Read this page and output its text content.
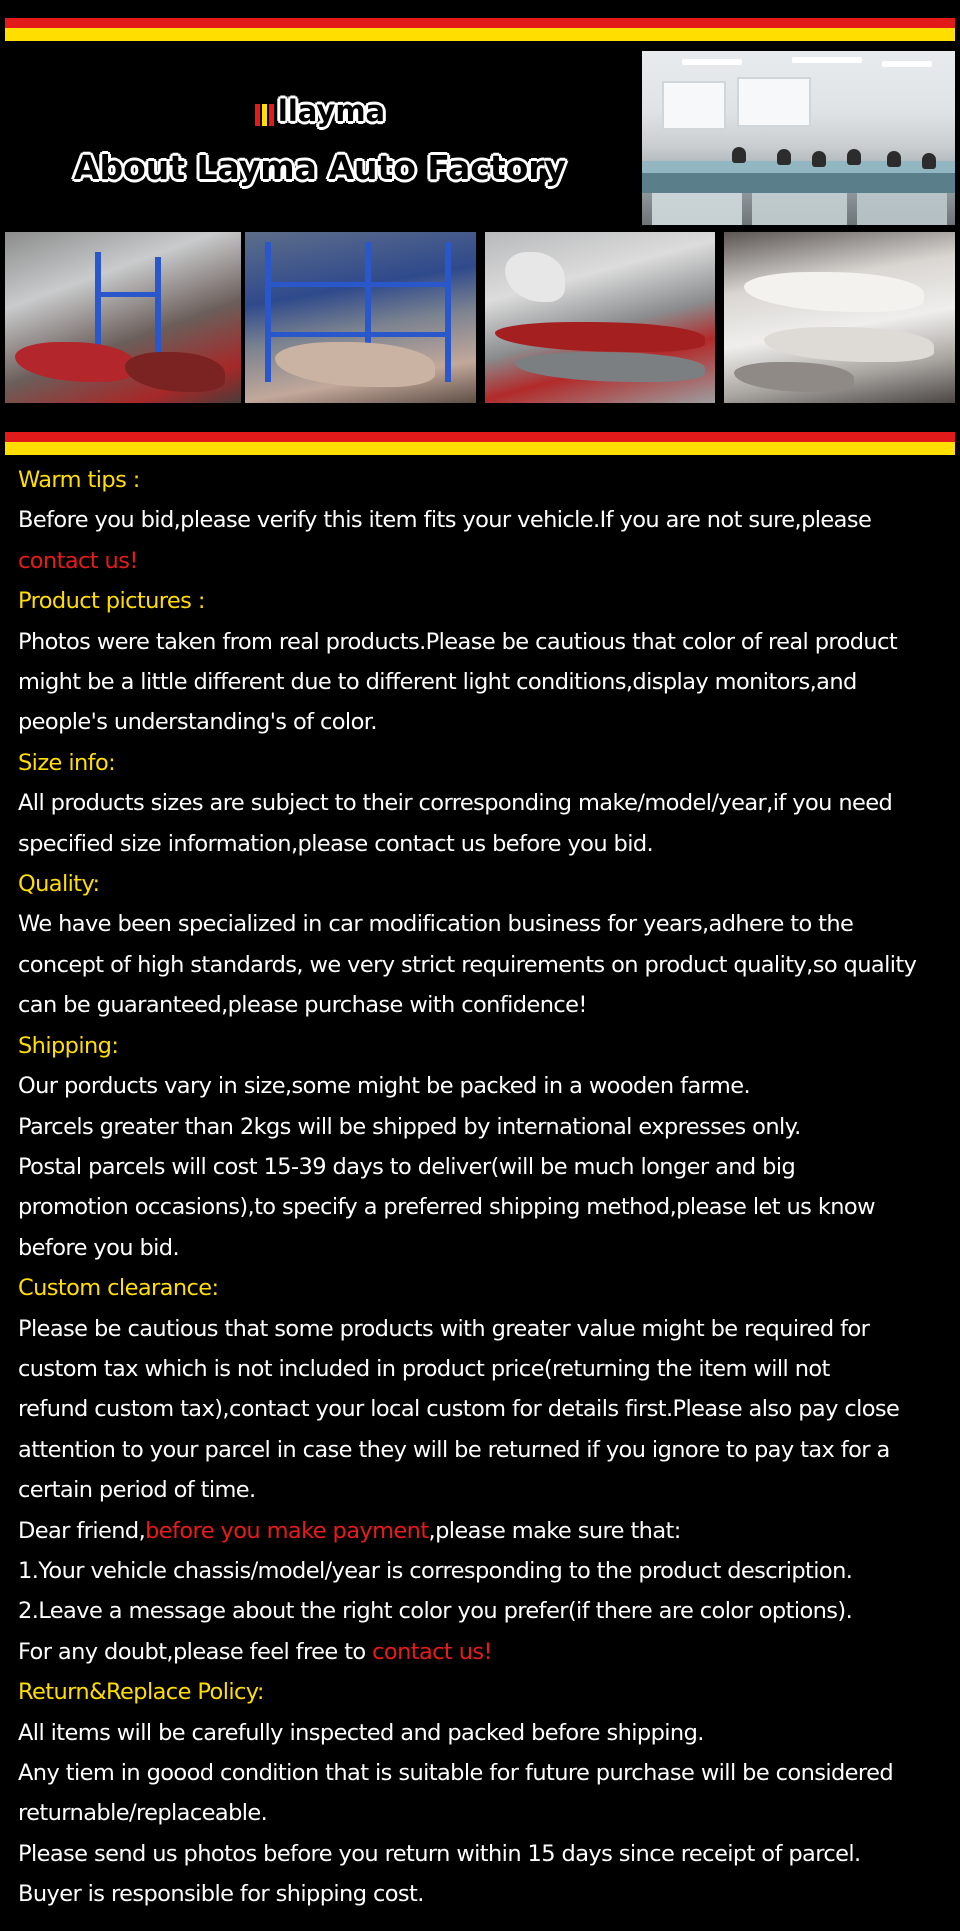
llayma
About Layma Auto Factory

Warm tips :

Before you bid,please verify this item fits your vehicle.If you are not sure,please

contact us!

Product pictures :

Photos were taken from real products.Please be cautious that color of real product

might be a little different due to different light conditions,display monitors,and

people's understanding's of color.

Size info:

All products sizes are subject to their corresponding make/model/year,if you need

specified size information,please contact us before you bid.

Quality:

We have been specialized in car modification business for years,adhere to the

concept of high standards, we very strict requirements on product quality,so quality

can be guaranteed,please purchase with confidence!

Shipping:

Our porducts vary in size,some might be packed in a wooden farme.

Parcels greater than 2kgs will be shipped by international expresses only.

Postal parcels will cost 15-39 days to deliver(will be much longer and big

promotion occasions),to specify a preferred shipping method,please let us know

before you bid.

Custom clearance:

Please be cautious that some products with greater value might be required for

custom tax which is not included in product price(returning the item will not

refund custom tax),contact your local custom for details first.Please also pay close

attention to your parcel in case they will be returned if you ignore to pay tax for a

certain period of time.

Dear friend,before you make payment,please make sure that:

1.Your vehicle chassis/model/year is corresponding to the product description.

2.Leave a message about the right color you prefer(if there are color options).

For any doubt,please feel free to contact us!

Return&Replace Policy:

All items will be carefully inspected and packed before shipping.

Any tiem in goood condition that is suitable for future purchase will be considered

returnable/replaceable.

Please send us photos before you return within 15 days since receipt of parcel.

Buyer is responsible for shipping cost.
